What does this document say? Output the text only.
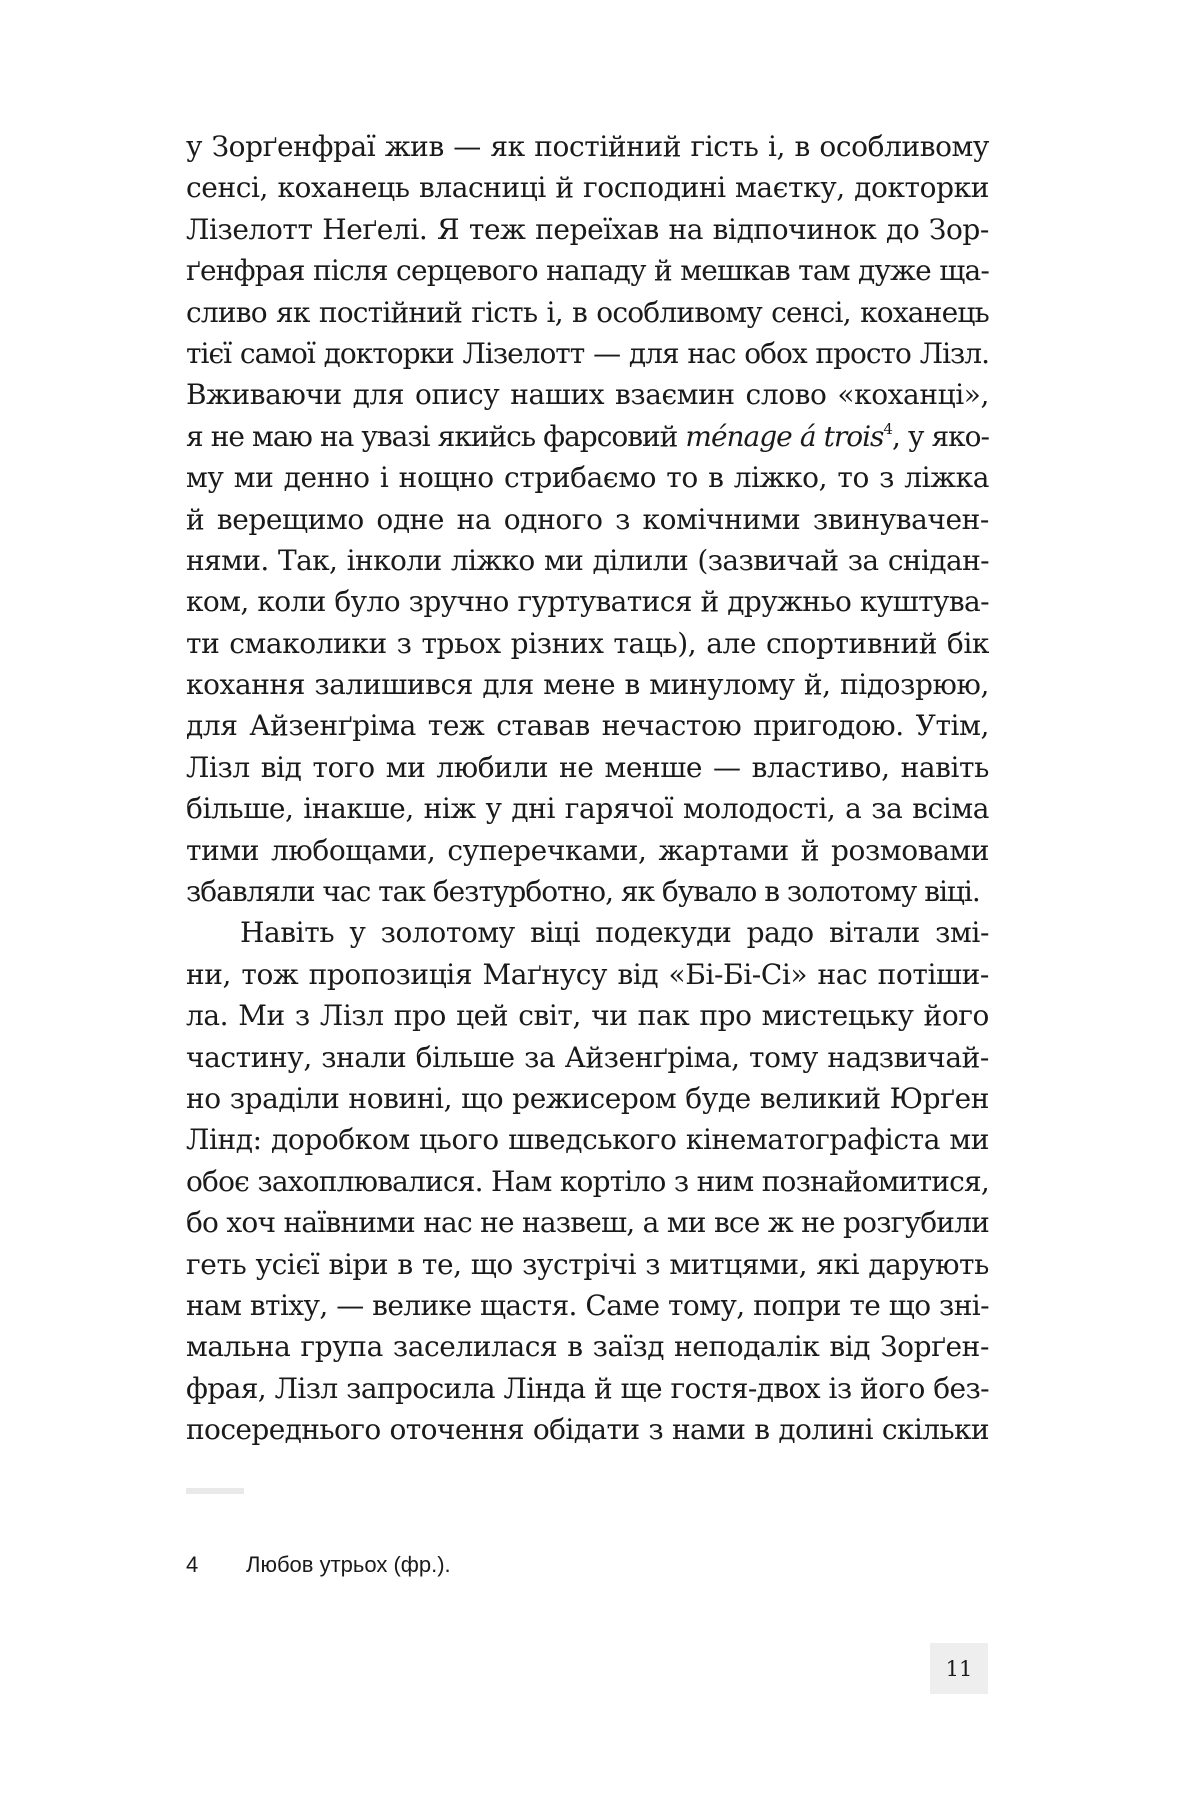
у Зорґенфраї жив — як постійний гість і, в особливому
сенсі, коханець власниці й господині маєтку, докторки
Лізелотт Неґелі. Я теж переїхав на відпочинок до Зор-
ґенфрая після серцевого нападу й мешкав там дуже ща-
сливо як постійний гість і, в особливому сенсі, коханець
тієї самої докторки Лізелотт — для нас обох просто Лізл.
Вживаючи для опису наших взаємин слово «коханці»,
я не маю на увазі якийсь фарсовий ménage á trois$^4$, у яко-
му ми денно і нощно стрибаємо то в ліжко, то з ліжка
й верещимо одне на одного з комічними звинувачен-
нями. Так, інколи ліжко ми ділили (зазвичай за снідан-
ком, коли було зручно гуртуватися й дружньо куштува-
ти смаколики з трьох різних таць), але спортивний бік
кохання залишився для мене в минулому й, підозрюю,
для Айзенґріма теж ставав нечастою пригодою. Утім,
Лізл від того ми любили не менше — властиво, навіть
більше, інакше, ніж у дні гарячої молодості, а за всіма
тими любощами, суперечками, жартами й розмовами
збавляли час так безтурботно, як бувало в золотому віці.
Навіть у золотому віці подекуди радо вітали змі-
ни, тож пропозиція Маґнусу від «Бі-Бі-Сі» нас потіши-
ла. Ми з Лізл про цей світ, чи пак про мистецьку його
частину, знали більше за Айзенґріма, тому надзвичай-
но зраділи новині, що режисером буде великий Юрґен
Лінд: доробком цього шведського кінематографіста ми
обоє захоплювалися. Нам кортіло з ним познайомитися,
бо хоч наївними нас не назвеш, а ми все ж не розгубили
геть усієї віри в те, що зустрічі з митцями, які дарують
нам втіху, — велике щастя. Саме тому, попри те що зні-
мальна група заселилася в заїзд неподалік від Зорґен-
фрая, Лізл запросила Лінда й ще гостя-двох із його без-
посереднього оточення обідати з нами в долині скільки
4 Любов утрьох (фр.).
11
